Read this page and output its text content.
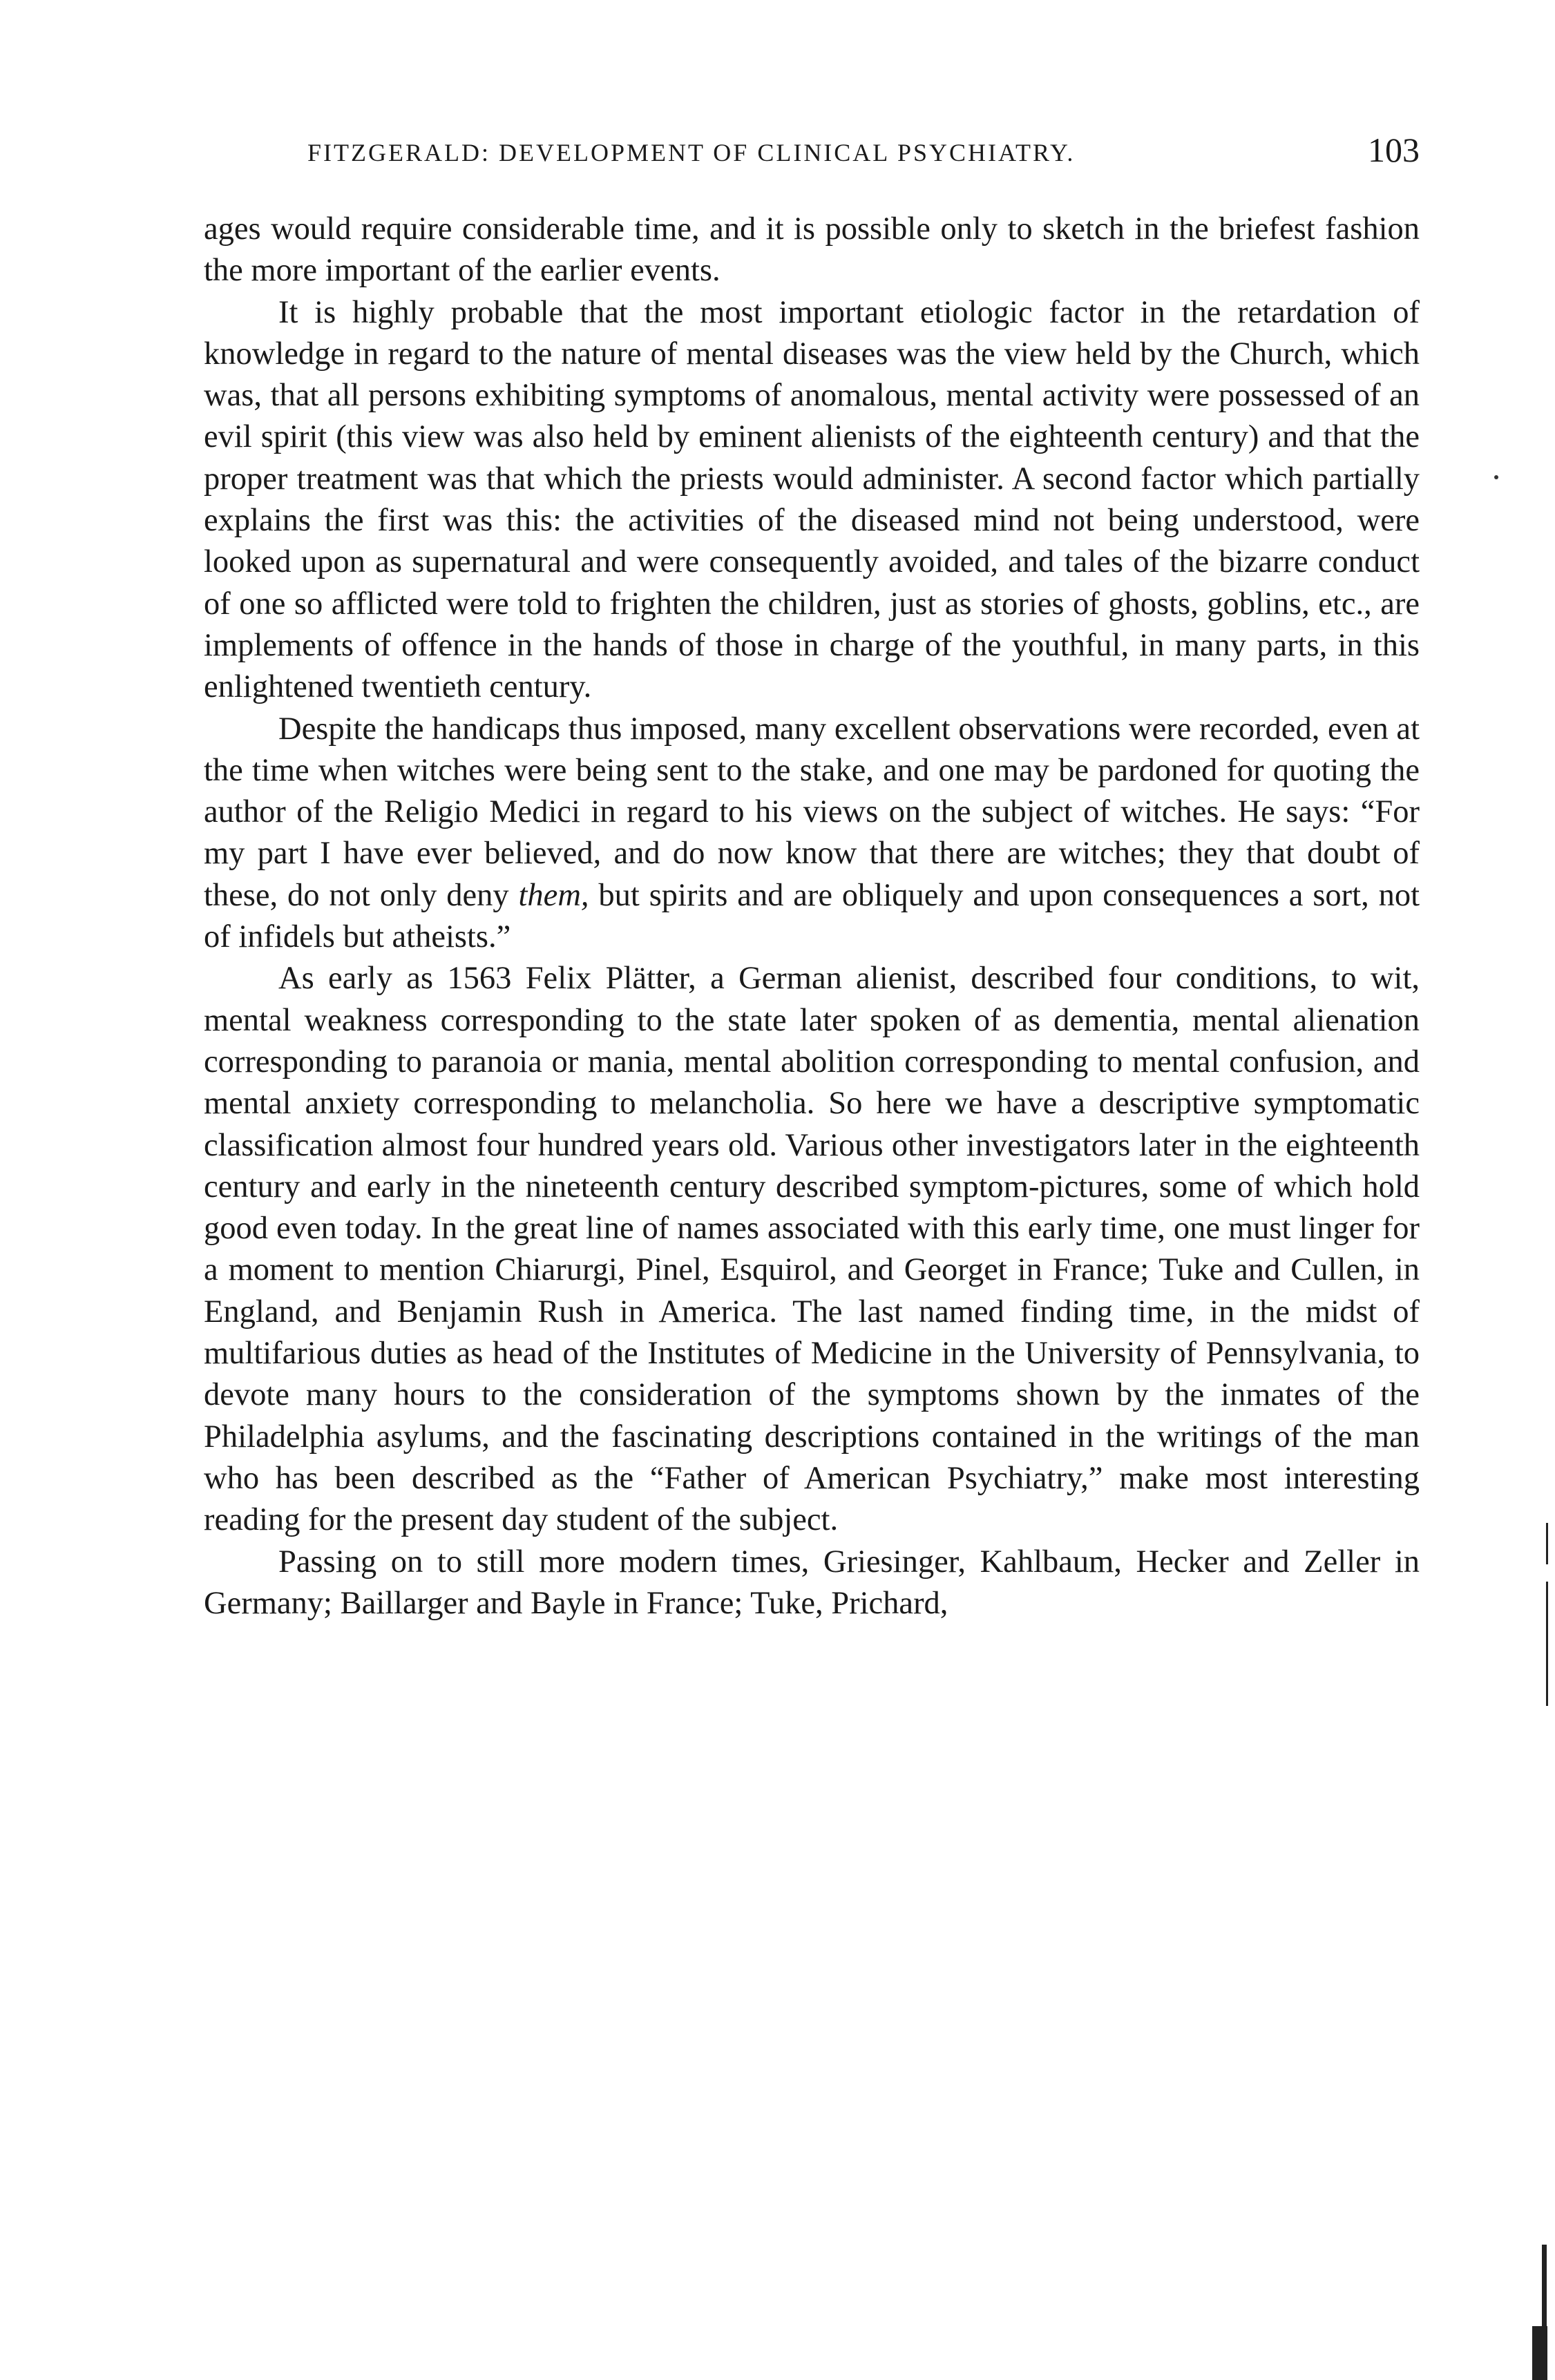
FITZGERALD: DEVELOPMENT OF CLINICAL PSYCHIATRY.	103

ages would require considerable time, and it is possible only to sketch in the briefest fashion the more important of the earlier events.

It is highly probable that the most important etiologic factor in the retardation of knowledge in regard to the nature of mental diseases was the view held by the Church, which was, that all persons exhibiting symptoms of anomalous, mental activity were possessed of an evil spirit (this view was also held by eminent alienists of the eighteenth century) and that the proper treatment was that which the priests would administer. A second factor which partially explains the first was this: the activities of the diseased mind not being understood, were looked upon as supernatural and were consequently avoided, and tales of the bizarre conduct of one so afflicted were told to frighten the children, just as stories of ghosts, goblins, etc., are implements of offence in the hands of those in charge of the youthful, in many parts, in this enlightened twentieth century.

Despite the handicaps thus imposed, many excellent observations were recorded, even at the time when witches were being sent to the stake, and one may be pardoned for quoting the author of the Religio Medici in regard to his views on the subject of witches. He says: “For my part I have ever believed, and do now know that there are witches; they that doubt of these, do not only deny them, but spirits and are obliquely and upon consequences a sort, not of infidels but atheists.”

As early as 1563 Felix Plätter, a German alienist, described four conditions, to wit, mental weakness corresponding to the state later spoken of as dementia, mental alienation corresponding to paranoia or mania, mental abolition corresponding to mental confusion, and mental anxiety corresponding to melancholia. So here we have a descriptive symptomatic classification almost four hundred years old. Various other investigators later in the eighteenth century and early in the nineteenth century described symptom-pictures, some of which hold good even today. In the great line of names associated with this early time, one must linger for a moment to mention Chiarurgi, Pinel, Esquirol, and Georget in France; Tuke and Cullen, in England, and Benjamin Rush in America. The last named finding time, in the midst of multifarious duties as head of the Institutes of Medicine in the University of Pennsylvania, to devote many hours to the consideration of the symptoms shown by the inmates of the Philadelphia asylums, and the fascinating descriptions contained in the writings of the man who has been described as the “Father of American Psychiatry,” make most interesting reading for the present day student of the subject.

Passing on to still more modern times, Griesinger, Kahlbaum, Hecker and Zeller in Germany; Baillarger and Bayle in France; Tuke, Prichard,
